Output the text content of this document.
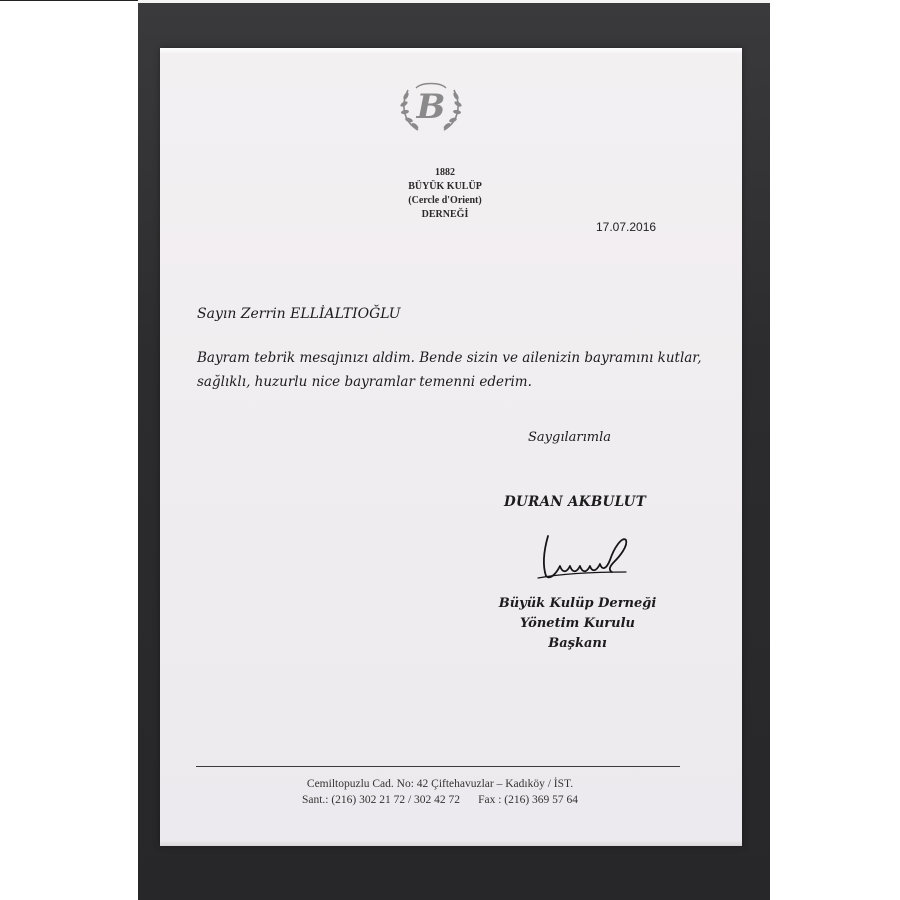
B
1882
BÜYÜK KULÜP
(Cercle d'Orient)
DERNEĞİ
17.07.2016
Sayın Zerrin ELLİALTIOĞLU
Bayram tebrik mesajınızı aldim. Bende sizin ve ailenizin bayramını kutlar,
sağlıklı, huzurlu nice bayramlar temenni ederim.
Saygılarımla
DURAN AKBULUT
Büyük Kulüp Derneği
Yönetim Kurulu Başkanı
Cemiltopuzlu Cad. No: 42 Çiftehavuzlar – Kadıköy / İST.
Sant.: (216) 302 21 72 / 302 42 72 Fax : (216) 369 57 64
